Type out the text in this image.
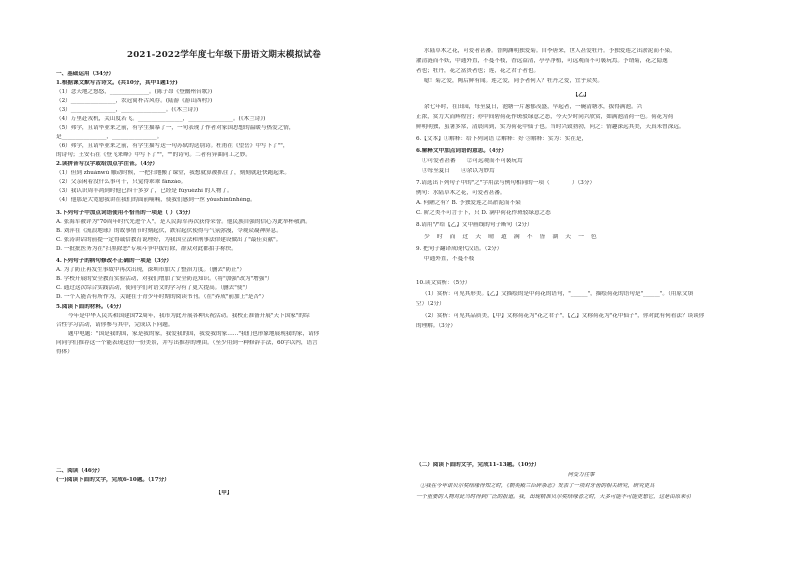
2021-2022学年度七年级下册语文期末模拟试卷
一、基础运用（34分）
1.根据课文默写古诗文。(共10分，其中1题1分)
（1）念天地之悠悠，______________。(陈子昂《登幽州台歌》)
（2）________________，农冠简朴古风存。(陆游《游山西村》)
（3）________________，________________。(《木兰诗》)
（4）万里赴戎机，关山度若飞。________________，________________。(《木兰诗》)
（5）弗学，且请毕业来之前，有学生描摹了一，一句表现了作者对家国思想的温暖与热爱之情，
是________________，________________。
（6）弗学，且请毕业来之前，有学生描写送一句苏轼的送别诗。杜甫在《望岳》中写下了""，
的诗句；王安石在《登飞来峰》中写下了""，""的诗句。二者有异曲同工之妙。
2.读拼音写汉字或给加点字注音。（4分）
（1）但到 zhuànwù 触动时候，一把扫地搬了课堂，我想就算被抓住了，刻刻就赶快跑起来。
（2）父亲闲着没什么事可干，只觉得乖乖 fánzào。
（3）我认识周丰鸿到时他已四十多岁了，已经是 fúyuèzhí 的人物了。
（4）他那是大宽慰我讲在我们的面前喃喃，使我们感到一丝 yǒushìnǚnhèng。
3.下列句子中加点词语使用不恰当的一项是（ ）（3分）
A. 张海军被评为"70周年时代先进个人"，是人民海军再次获得荣誉。他民族自强的信心为此举杯敬酒。
B. 刘萍在《流浪地球》的故事情节时刻起伏，跌宕起伏使得与气氛弥漫，令观众凝神屏息。
C. 张涛讲话的前提一定得诚信教育说理好，为我国立法和刑事法律建设做出了"最佳贡献"。
D. 一批批医务为在"扫黑除恶"专项斗争中拔钉除，群众对此都拍手称快。
4.下列句子的病句修改不正确的一项是（3分）
A. 为了防止再发生事故中再次出现，深圳市加大了整治力度。（删去"防止"）
B. 学校开展的安全教育实验活动，对我们增加了安全防范知识。（将"加强"改为"增强"）
C. 通过这次综合实践活动，使同学们对语文的学习有了更大提高。（删去"使"）
D. 一个人能否有所作为，关键在于青少年时期的阅读书刊。（在"养成"前加上"是否"）
5.阅读下面的材料。（4分）
今年是中华人民共和国建国72周年，我市为此开展各种庆祝活动。我校正准备开展"天下国家"的综
合性学习活动，请你参与其中，完成以下问题。
题中电题："国是我的国，家是我的家，我爱我的国，我爱我的家……"我们也形象地展现我的家，请你
向同学们推荐这一个能表现这份一份美景，并写出推荐的理由。（至少用到一种修辞手法，60字以内，语言
得体）
二、阅读（46分）
(一)阅读下面的文字，完成6-10题。（17分）
【甲】
水陆草木之花，可爱者甚蕃。晋陶渊明独爱菊。自李唐来，世人甚爱牡丹。予独爱莲之出淤泥而不染，
濯清涟而不妖，中通外直，不蔓不枝，香远益清，亭亭净植，可远观而不可亵玩焉。予谓菊，花之隐逸
者也；牡丹，花之富贵者也；莲，花之君子者也。
噫！菊之爱，陶后鲜有闻。莲之爱，同予者何人？牡丹之爱，宜乎众矣。
【乙】
余七年时，在田园，每至夏日，池塘一片葱郁茂盛，早起者，一碗清塘水，拔得满池。兴
正浓，赏力大而辉煌宫；亦中间碧荷花作斑驳绿意之态，今天少时同兴欣赏，如满池清荷一色。荷花为荷
鲜明明独，虽暑多常，清晨回到，实为荷花中仙子也。当时兴致勃勃，问之：情趣深远其美，天真未曾深远。
6.【文本】①解释：给下列词语 ②解释：好 ③解释：实为：实在是，
6.解释文中加点词语的意思。（4分）
①可爱者甚蕃　　②可远观而不可亵玩焉
③每至夏日　　④余以为妙焉
7.请选出下列句子中的"之"字用法与例句相同的一项（　　　　）（3分）
例句：水陆草木之花，可爱者甚蕃。
A. 何陋之有？B. 予独爱莲之出淤泥而不染
C. 阶之类不可言于下，只 D. 满中荷花作斑驳绿意之态
8.请用"/"给【乙】文中画线的句子断句（2分）
少 时 而 过 天 晴 道 满 不 皆 湖 天 一 色
9. 把句子翻译成现代汉语。（2分）
中通外直，不蔓不枝
10.读文赏析：（5分）
（1）赏析：可见其形美。【乙】文描绘的是中荷花的语句，"______"，描绘荷花的语句是"______"。（用原文填
空）（2分）
（2）赏析：可见其品质美，【甲】文称荷花为"花之君子"，【乙】文称荷花为"花中仙子"，你对此有何看法？谈谈你
的理解。（3分）
（二）阅读下面的文字，完成11-13题。（10分）
何受力往事
①我在今年诺贝尔奖结缘得知之时，《朝英殿兰臣碎杂志》发表了一项对牙齿的相关研究，研究更具
一个重要的人物对此当时得到广泛的报道。我，出现精准贝尔奖结缘者之时，大多可能不可能更想它，这是由原来引
